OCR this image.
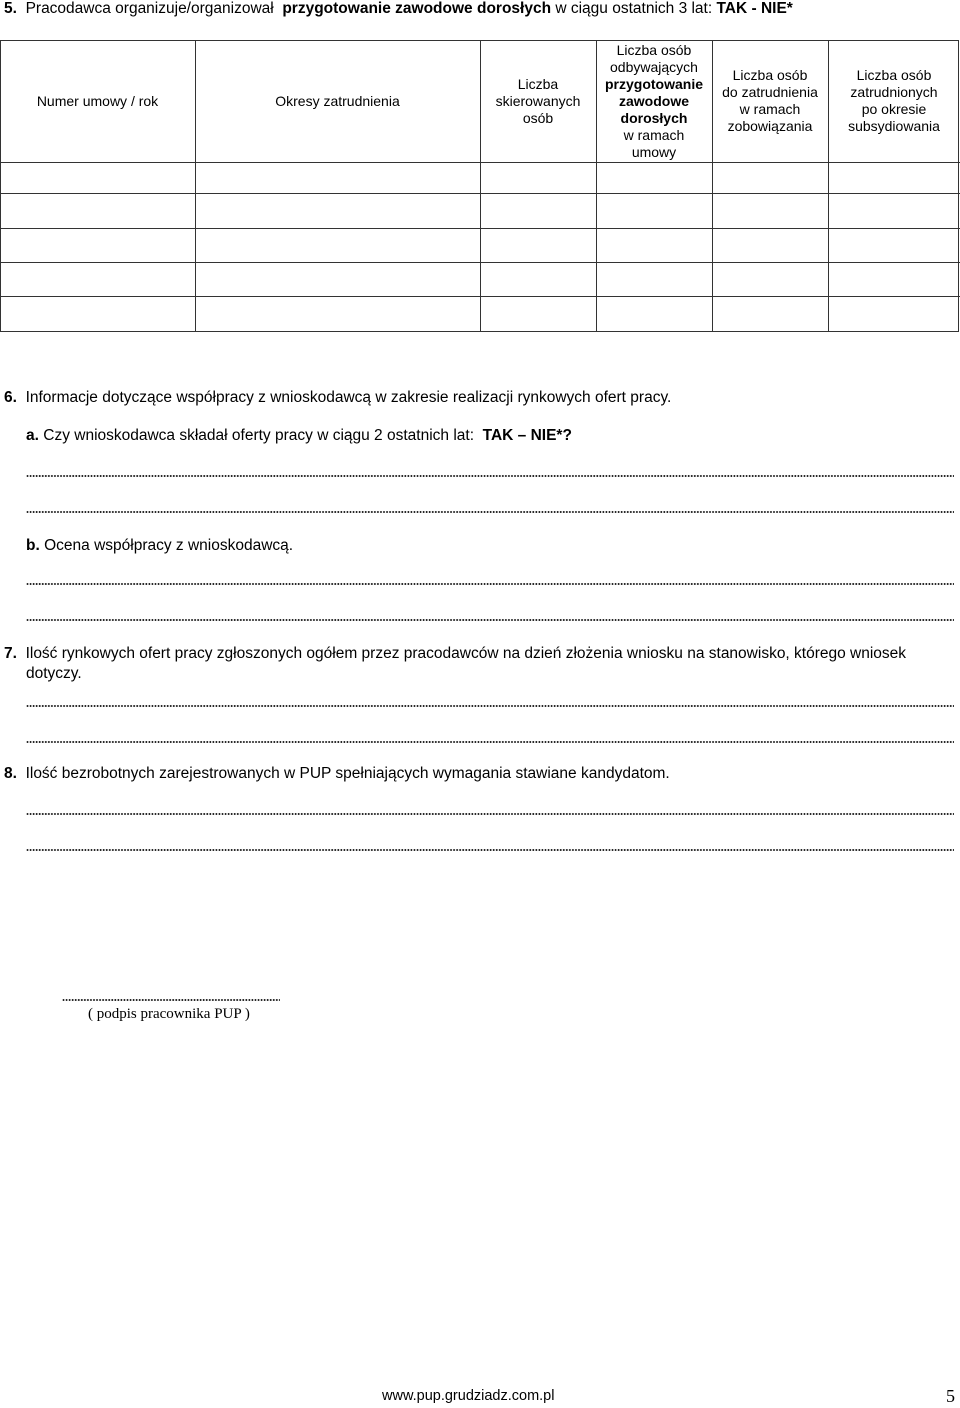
5. Pracodawca organizuje/organizował przygotowanie zawodowe dorosłych w ciągu ostatnich 3 lat: TAK - NIE*
Numer umowy / rok	Okresy zatrudnienia
Liczba
skierowanych
osób
Liczba osób
odbywających
przygotowanie
zawodowe
dorosłych
w ramach
umowy
Liczba osób
do zatrudnienia
w ramach
zobowiązania
Liczba osób
zatrudnionych
po okresie
subsydiowania
6. Informacje dotyczące współpracy z wnioskodawcą w zakresie realizacji rynkowych ofert pracy.
a. Czy wnioskodawca składał oferty pracy w ciągu 2 ostatnich lat: TAK – NIE*?
b. Ocena współpracy z wnioskodawcą.
7. Ilość rynkowych ofert pracy zgłoszonych ogółem przez pracodawców na dzień złożenia wniosku na stanowisko, którego wniosek
dotyczy.
8. Ilość bezrobotnych zarejestrowanych w PUP spełniających wymagania stawiane kandydatom.
( podpis pracownika PUP )
www.pup.grudziadz.com.pl	5
